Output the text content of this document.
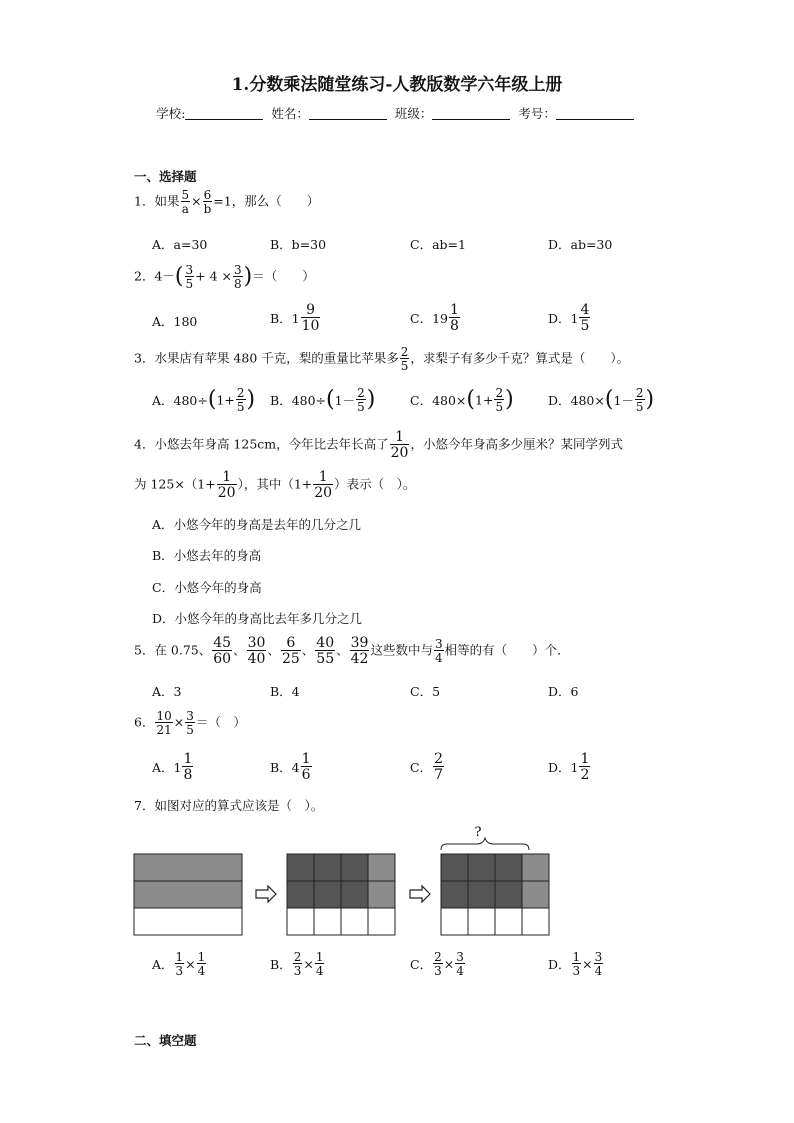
1.分数乘法随堂练习-人教版数学六年级上册
学校:	姓名：	班级：	考号：
一、选择题
1．如果 $\frac{5}{a} \times \frac{6}{b} =1$，那么（　　）
A．a=30	B．b=30	C．ab=1	D．ab=30
2．$4-( \frac{3}{5} + 4 \times \frac{3}{8}$ )＝（　　）
A．180	B．$1 \frac{9}{10}$	C．$19 \frac{1}{8}$	D．$1 \frac{4}{5}$
3．水果店有苹果 480 千克，梨的重量比苹果多 $\frac{2}{5}$ ，求梨子有多少千克？算式是（　　）。
A．$480\div(1+ \frac{2}{5}$ ) B．$480\div(1- \frac{2}{5}$ )	C．$480\times(1+ \frac{2}{5}$ )	D．$480\times(1- \frac{2}{5}$ )
4．小悠去年身高 125cm，今年比去年长高了 $\frac{1}{20}$ ，小悠今年身高多少厘米？某同学列式
为 $125\times(1+ \frac{1}{20}$ ），其中（$1+ \frac{1}{20}$ ）表示（　）。
A．小悠今年的身高是去年的几分之几
B．小悠去年的身高
C．小悠今年的身高
D．小悠今年的身高比去年多几分之几
5．在 0.75、 $\frac{45}{60}$ 、 $\frac{30}{40}$ 、 $\frac{6}{25}$ 、 $\frac{40}{55}$ 、 $\frac{39}{42}$ 这些数中与 $\frac{3}{4}$ 相等的有（　　）个．
A．3	B．4	C．5	D．6
6． $\frac{10}{21} \times \frac{3}{5}$ ＝（　）
A．$1 \frac{1}{8}$	B．$4 \frac{1}{6}$	C． $\frac{2}{7}$	D．$1 \frac{1}{2}$
7．如图对应的算式应该是（　）。
?
A． $\frac{1}{3} \times \frac{1}{4}$	B． $\frac{2}{3} \times \frac{1}{4}$	C． $\frac{2}{3} \times \frac{3}{4}$	D． $\frac{1}{3} \times \frac{3}{4}$
二、填空题
